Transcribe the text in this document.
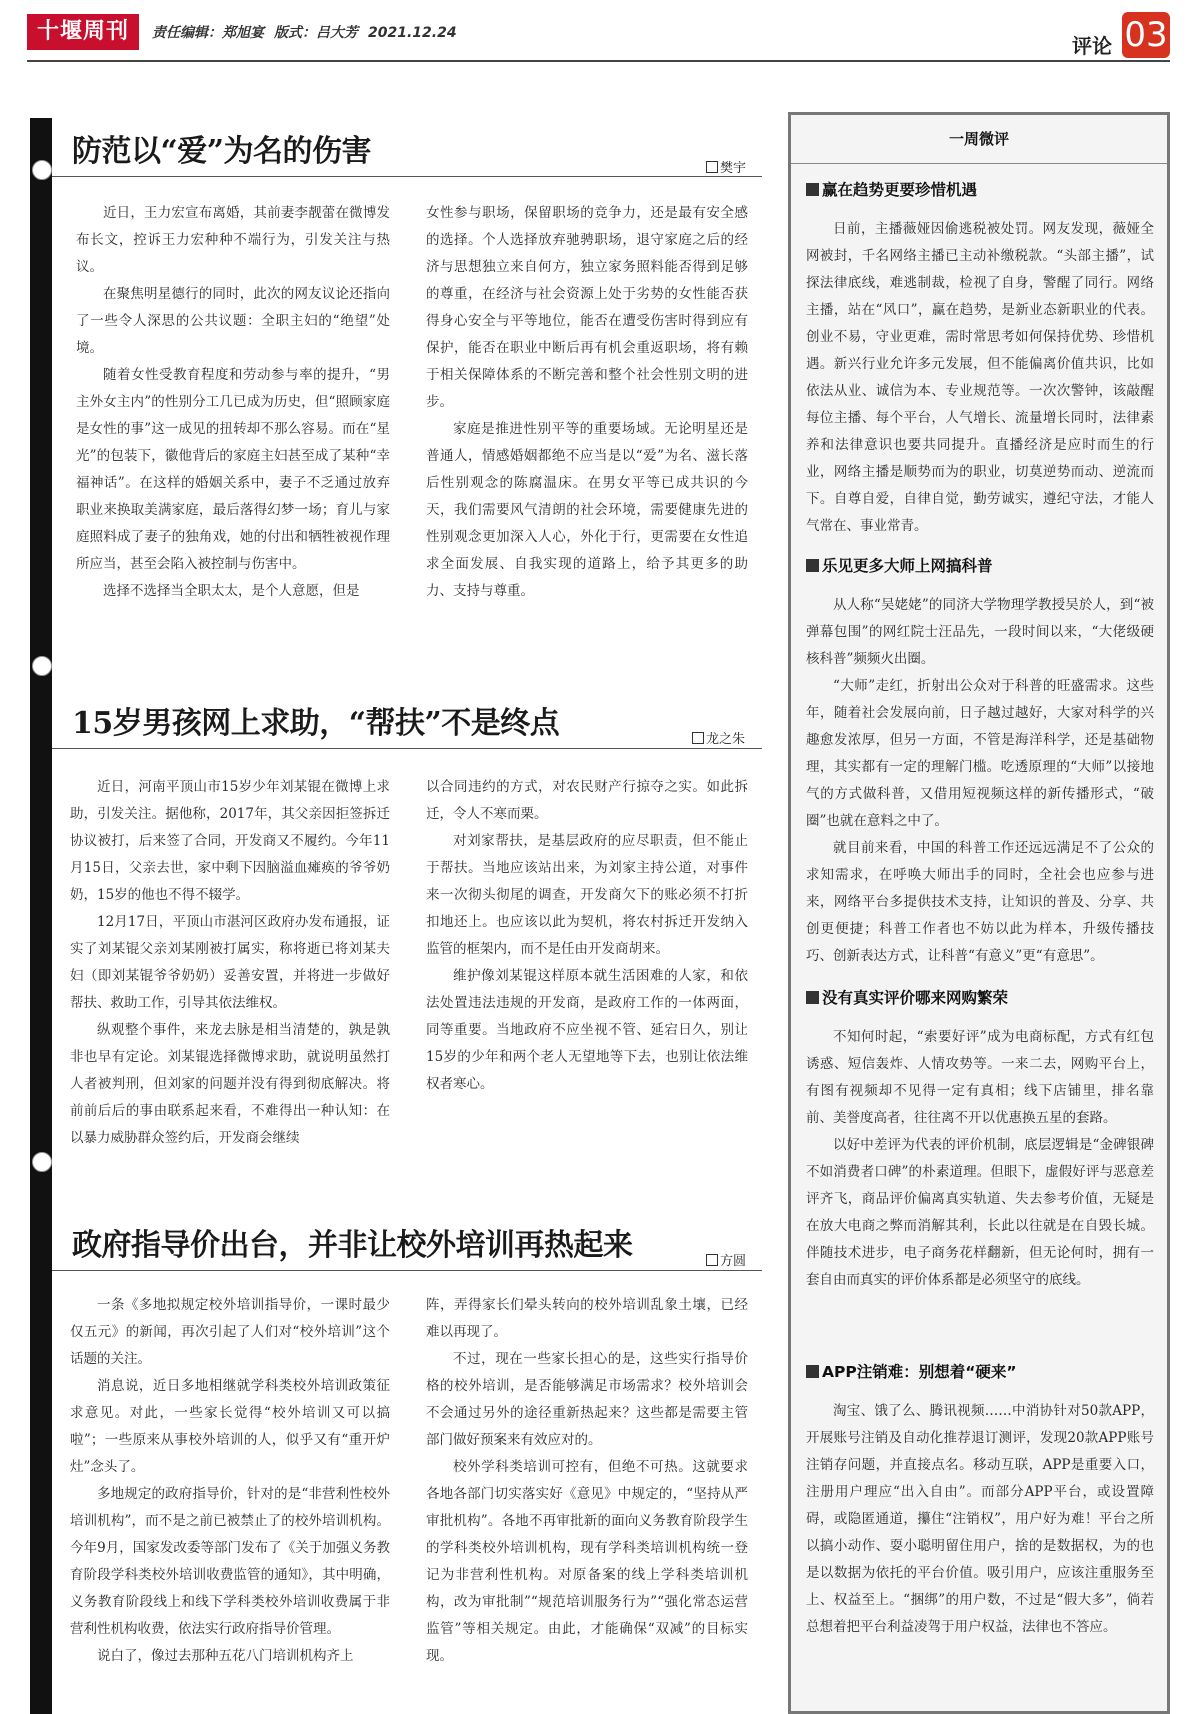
十堰周刊	责任编辑：郑旭宴 版式：吕大芳 2021.12.24
评论 03
防范以“爱”为名的伤害	樊宇

近日，王力宏宣布离婚，其前妻李靓蕾在微博发布长文，控诉王力宏种种不端行为，引发关注与热议。

在聚焦明星德行的同时，此次的网友议论还指向了一些令人深思的公共议题：全职主妇的“绝望”处境。

随着女性受教育程度和劳动参与率的提升，“男主外女主内”的性别分工几已成为历史，但“照顾家庭是女性的事”这一成见的扭转却不那么容易。而在“星光”的包装下，徽他背后的家庭主妇甚至成了某种“幸福神话”。在这样的婚姻关系中，妻子不乏通过放弃职业来换取美满家庭，最后落得幻梦一场；育儿与家庭照料成了妻子的独角戏，她的付出和牺牲被视作理所应当，甚至会陷入被控制与伤害中。

选择不选择当全职太太，是个人意愿，但是

女性参与职场，保留职场的竞争力，还是最有安全感的选择。个人选择放弃驰骋职场，退守家庭之后的经济与思想独立来自何方，独立家务照料能否得到足够的尊重，在经济与社会资源上处于劣势的女性能否获得身心安全与平等地位，能否在遭受伤害时得到应有保护，能否在职业中断后再有机会重返职场，将有赖于相关保障体系的不断完善和整个社会性别文明的进步。

家庭是推进性别平等的重要场域。无论明星还是普通人，情感婚姻都绝不应当是以“爱”为名、滋长落后性别观念的陈腐温床。在男女平等已成共识的今天，我们需要风气清朗的社会环境，需要健康先进的性别观念更加深入人心，外化于行，更需要在女性追求全面发展、自我实现的道路上，给予其更多的助力、支持与尊重。

15岁男孩网上求助，“帮扶”不是终点	龙之朱

近日，河南平顶山市15岁少年刘某锟在微博上求助，引发关注。据他称，2017年，其父亲因拒签拆迁协议被打，后来签了合同，开发商又不履约。今年11月15日，父亲去世，家中剩下因脑溢血瘫痪的爷爷奶奶，15岁的他也不得不辍学。

12月17日，平顶山市湛河区政府办发布通报，证实了刘某锟父亲刘某刚被打属实，称将逝已将刘某夫妇（即刘某锟爷爷奶奶）妥善安置，并将进一步做好帮扶、救助工作，引导其依法维权。

纵观整个事件，来龙去脉是相当清楚的，孰是孰非也早有定论。刘某锟选择微博求助，就说明虽然打人者被判刑，但刘家的问题并没有得到彻底解决。将前前后后的事由联系起来看，不难得出一种认知：在以暴力威胁群众签约后，开发商会继续

以合同违约的方式，对农民财产行掠夺之实。如此拆迁，令人不寒而栗。

对刘家帮扶，是基层政府的应尽职责，但不能止于帮扶。当地应该站出来，为刘家主持公道，对事件来一次彻头彻尾的调查，开发商欠下的账必须不打折扣地还上。也应该以此为契机，将农村拆迁开发纳入监管的框架内，而不是任由开发商胡来。

维护像刘某锟这样原本就生活困难的人家，和依法处置违法违规的开发商，是政府工作的一体两面，同等重要。当地政府不应坐视不管、延宕日久，别让15岁的少年和两个老人无望地等下去，也别让依法维权者寒心。

政府指导价出台，并非让校外培训再热起来	方圆

一条《多地拟规定校外培训指导价，一课时最少仅五元》的新闻，再次引起了人们对“校外培训”这个话题的关注。

消息说，近日多地相继就学科类校外培训政策征求意见。对此，一些家长觉得“校外培训又可以搞啦”；一些原来从事校外培训的人，似乎又有“重开炉灶”念头了。

多地规定的政府指导价，针对的是“非营利性校外培训机构”，而不是之前已被禁止了的校外培训机构。今年9月，国家发改委等部门发布了《关于加强义务教育阶段学科类校外培训收费监管的通知》，其中明确，义务教育阶段线上和线下学科类校外培训收费属于非营利性机构收费，依法实行政府指导价管理。

说白了，像过去那种五花八门培训机构齐上

阵，弄得家长们晕头转向的校外培训乱象土壤，已经难以再现了。

不过，现在一些家长担心的是，这些实行指导价格的校外培训，是否能够满足市场需求？校外培训会不会通过另外的途径重新热起来？这些都是需要主管部门做好预案来有效应对的。

校外学科类培训可控有，但绝不可热。这就要求各地各部门切实落实好《意见》中规定的，“坚持从严审批机构”。各地不再审批新的面向义务教育阶段学生的学科类校外培训机构，现有学科类培训机构统一登记为非营利性机构。对原备案的线上学科类培训机构，改为审批制”“规范培训服务行为”“强化常态运营监管”等相关规定。由此，才能确保“双减”的目标实现。

一周微评
赢在趋势更要珍惜机遇

日前，主播薇娅因偷逃税被处罚。网友发现，薇娅全网被封，千名网络主播已主动补缴税款。“头部主播”，试探法律底线，难逃制裁，检视了自身，警醒了同行。网络主播，站在“风口”，赢在趋势，是新业态新职业的代表。创业不易，守业更难，需时常思考如何保持优势、珍惜机遇。新兴行业允许多元发展，但不能偏离价值共识，比如依法从业、诚信为本、专业规范等。一次次警钟，该敲醒每位主播、每个平台，人气增长、流量增长同时，法律素养和法律意识也要共同提升。直播经济是应时而生的行业，网络主播是顺势而为的职业，切莫逆势而动、逆流而下。自尊自爱，自律自觉，勤劳诚实，遵纪守法，才能人气常在、事业常青。

乐见更多大师上网搞科普

从人称“吴姥姥”的同济大学物理学教授吴於人，到“被弹幕包围”的网红院士汪品先，一段时间以来，“大佬级硬核科普”频频火出圈。

“大师”走红，折射出公众对于科普的旺盛需求。这些年，随着社会发展向前，日子越过越好，大家对科学的兴趣愈发浓厚，但另一方面，不管是海洋科学，还是基础物理，其实都有一定的理解门槛。吃透原理的“大师”以接地气的方式做科普，又借用短视频这样的新传播形式，“破圈”也就在意料之中了。

就目前来看，中国的科普工作还远远满足不了公众的求知需求，在呼唤大师出手的同时，全社会也应参与进来，网络平台多提供技术支持，让知识的普及、分享、共创更便捷；科普工作者也不妨以此为样本，升级传播技巧、创新表达方式，让科普“有意义”更“有意思”。

没有真实评价哪来网购繁荣

不知何时起，“索要好评”成为电商标配，方式有红包诱惑、短信轰炸、人情攻势等。一来二去，网购平台上，有图有视频却不见得一定有真相；线下店铺里，排名靠前、美誉度高者，往往离不开以优惠换五星的套路。

以好中差评为代表的评价机制，底层逻辑是“金碑银碑不如消费者口碑”的朴素道理。但眼下，虚假好评与恶意差评齐飞，商品评价偏离真实轨道、失去参考价值，无疑是在放大电商之弊而消解其利，长此以往就是在自毁长城。伴随技术进步，电子商务花样翻新，但无论何时，拥有一套自由而真实的评价体系都是必须坚守的底线。

APP注销难：别想着“硬来”

淘宝、饿了么、腾讯视频……中消协针对50款APP，开展账号注销及自动化推荐退订测评，发现20款APP账号注销存问题，并直接点名。移动互联，APP是重要入口，注册用户理应“出入自由”。而部分APP平台，或设置障碍，或隐匿通道，攥住“注销权”，用户好为难！平台之所以搞小动作、耍小聪明留住用户，捨的是数据权，为的也是以数据为依托的平台价值。吸引用户，应该注重服务至上、权益至上。“捆绑”的用户数，不过是“假大多”，倘若总想着把平台利益凌驾于用户权益，法律也不答应。
